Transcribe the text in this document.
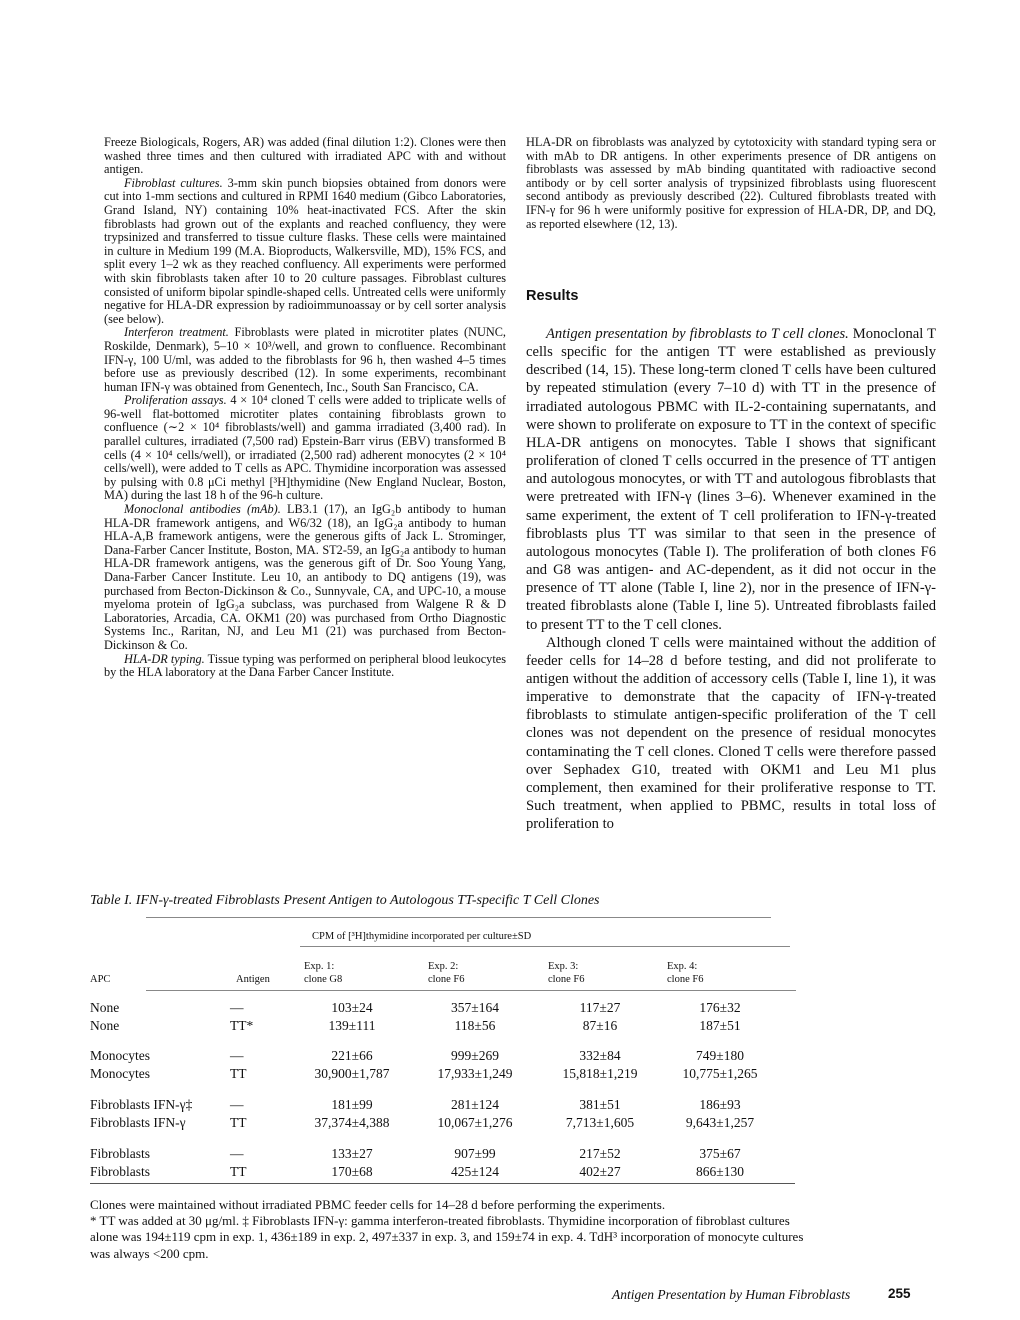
Freeze Biologicals, Rogers, AR) was added (final dilution 1:2). Clones were then washed three times and then cultured with irradiated APC with and without antigen.

Fibroblast cultures. 3-mm skin punch biopsies obtained from donors were cut into 1-mm sections and cultured in RPMI 1640 medium (Gibco Laboratories, Grand Island, NY) containing 10% heat-inactivated FCS. After the skin fibroblasts had grown out of the explants and reached confluency, they were trypsinized and transferred to tissue culture flasks. These cells were maintained in culture in Medium 199 (M.A. Bioproducts, Walkersville, MD), 15% FCS, and split every 1–2 wk as they reached confluency. All experiments were performed with skin fibroblasts taken after 10 to 20 culture passages. Fibroblast cultures consisted of uniform bipolar spindle-shaped cells. Untreated cells were uniformly negative for HLA-DR expression by radioimmunoassay or by cell sorter analysis (see below).

Interferon treatment. Fibroblasts were plated in microtiter plates (NUNC, Roskilde, Denmark), 5–10 × 10³/well, and grown to confluence. Recombinant IFN-γ, 100 U/ml, was added to the fibroblasts for 96 h, then washed 4–5 times before use as previously described (12). In some experiments, recombinant human IFN-γ was obtained from Genentech, Inc., South San Francisco, CA.

Proliferation assays. 4 × 10⁴ cloned T cells were added to triplicate wells of 96-well flat-bottomed microtiter plates containing fibroblasts grown to confluence (∼2 × 10⁴ fibroblasts/well) and gamma irradiated (3,400 rad). In parallel cultures, irradiated (7,500 rad) Epstein-Barr virus (EBV) transformed B cells (4 × 10⁴ cells/well), or irradiated (2,500 rad) adherent monocytes (2 × 10⁴ cells/well), were added to T cells as APC. Thymidine incorporation was assessed by pulsing with 0.8 μCi methyl [³H]thymidine (New England Nuclear, Boston, MA) during the last 18 h of the 96-h culture.

Monoclonal antibodies (mAb). LB3.1 (17), an IgG₂b antibody to human HLA-DR framework antigens, and W6/32 (18), an IgG₂a antibody to human HLA-A,B framework antigens, were the generous gifts of Jack L. Strominger, Dana-Farber Cancer Institute, Boston, MA. ST2-59, an IgG₂a antibody to human HLA-DR framework antigens, was the generous gift of Dr. Soo Young Yang, Dana-Farber Cancer Institute. Leu 10, an antibody to DQ antigens (19), was purchased from Becton-Dickinson & Co., Sunnyvale, CA, and UPC-10, a mouse myeloma protein of IgG₂a subclass, was purchased from Walgene R & D Laboratories, Arcadia, CA. OKM1 (20) was purchased from Ortho Diagnostic Systems Inc., Raritan, NJ, and Leu M1 (21) was purchased from Becton-Dickinson & Co.

HLA-DR typing. Tissue typing was performed on peripheral blood leukocytes by the HLA laboratory at the Dana Farber Cancer Institute.

HLA-DR on fibroblasts was analyzed by cytotoxicity with standard typing sera or with mAb to DR antigens. In other experiments presence of DR antigens on fibroblasts was assessed by mAb binding quantitated with radioactive second antibody or by cell sorter analysis of trypsinized fibroblasts using fluorescent second antibody as previously described (22). Cultured fibroblasts treated with IFN-γ for 96 h were uniformly positive for expression of HLA-DR, DP, and DQ, as reported elsewhere (12, 13).

Results

Antigen presentation by fibroblasts to T cell clones. Monoclonal T cells specific for the antigen TT were established as previously described (14, 15). These long-term cloned T cells have been cultured by repeated stimulation (every 7–10 d) with TT in the presence of irradiated autologous PBMC with IL-2-containing supernatants, and were shown to proliferate on exposure to TT in the context of specific HLA-DR antigens on monocytes. Table I shows that significant proliferation of cloned T cells occurred in the presence of TT antigen and autologous monocytes, or with TT and autologous fibroblasts that were pretreated with IFN-γ (lines 3–6). Whenever examined in the same experiment, the extent of T cell proliferation to IFN-γ-treated fibroblasts plus TT was similar to that seen in the presence of autologous monocytes (Table I). The proliferation of both clones F6 and G8 was antigen- and AC-dependent, as it did not occur in the presence of TT alone (Table I, line 2), nor in the presence of IFN-γ-treated fibroblasts alone (Table I, line 5). Untreated fibroblasts failed to present TT to the T cell clones.

Although cloned T cells were maintained without the addition of feeder cells for 14–28 d before testing, and did not proliferate to antigen without the addition of accessory cells (Table I, line 1), it was imperative to demonstrate that the capacity of IFN-γ-treated fibroblasts to stimulate antigen-specific proliferation of the T cell clones was not dependent on the presence of residual monocytes contaminating the T cell clones. Cloned T cells were therefore passed over Sephadex G10, treated with OKM1 and Leu M1 plus complement, then examined for their proliferative response to TT. Such treatment, when applied to PBMC, results in total loss of proliferation to

Table I. IFN-γ-treated Fibroblasts Present Antigen to Autologous TT-specific T Cell Clones
CPM of [³H]thymidine incorporated per culture±SD
APC	Antigen
Exp. 1:
clone G8
Exp. 2:
clone F6
Exp. 3:
clone F6
Exp. 4:
clone F6
None	—	103±24	357±164	117±27	176±32
None	TT*	139±111	118±56	87±16	187±51
Monocytes	—	221±66	999±269	332±84	749±180
Monocytes	TT	30,900±1,787	17,933±1,249	15,818±1,219	10,775±1,265
Fibroblasts IFN-γ‡	—	181±99	281±124	381±51	186±93
Fibroblasts IFN-γ	TT	37,374±4,388	10,067±1,276	7,713±1,605	9,643±1,257
Fibroblasts	—	133±27	907±99	217±52	375±67
Fibroblasts	TT	170±68	425±124	402±27	866±130

Clones were maintained without irradiated PBMC feeder cells for 14–28 d before performing the experiments.

* TT was added at 30 μg/ml. ‡ Fibroblasts IFN-γ: gamma interferon-treated fibroblasts. Thymidine incorporation of fibroblast cultures alone was 194±119 cpm in exp. 1, 436±189 in exp. 2, 497±337 in exp. 3, and 159±74 in exp. 4. TdH³ incorporation of monocyte cultures was always <200 cpm.

Antigen Presentation by Human Fibroblasts	255
